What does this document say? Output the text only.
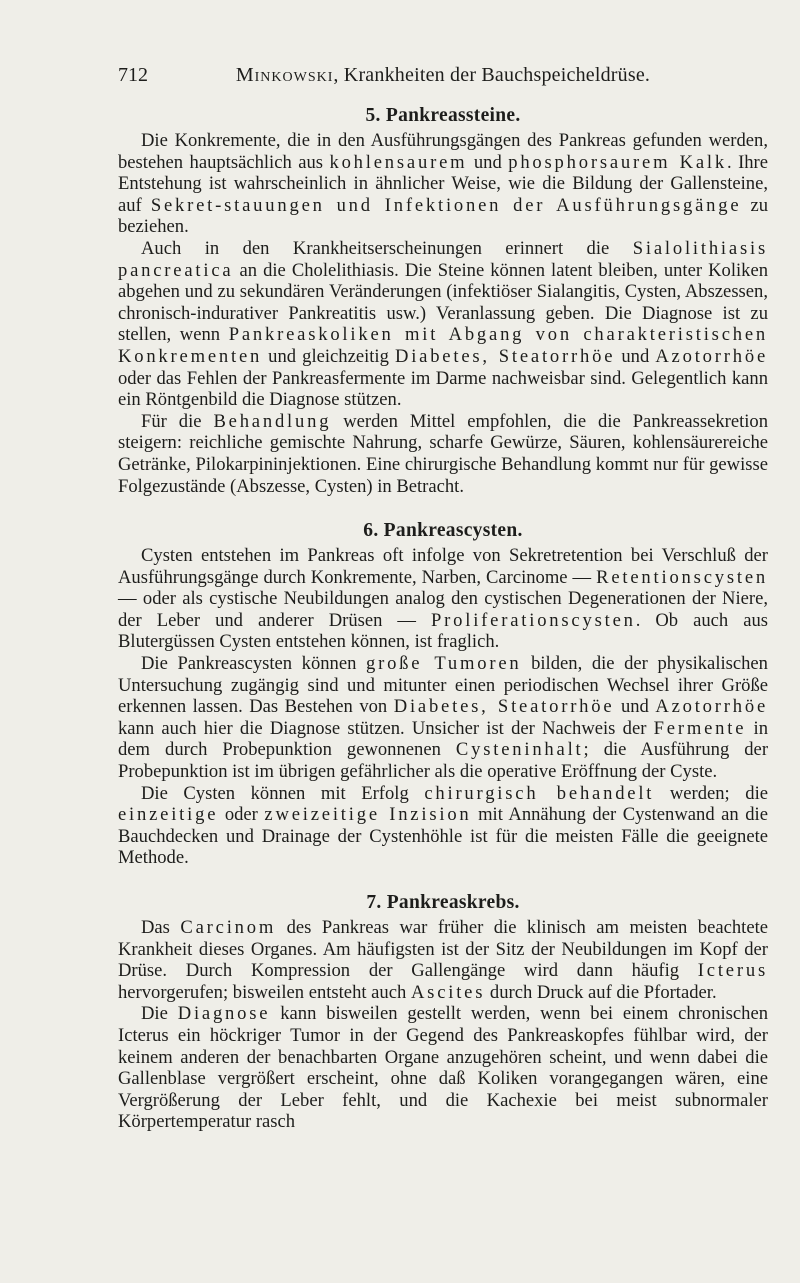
712	Minkowski, Krankheiten der Bauchspeicheldrüse.
5. Pankreassteine.

Die Konkremente, die in den Ausführungsgängen des Pankreas gefunden werden, bestehen hauptsächlich aus kohlensaurem und phosphorsaurem Kalk. Ihre Entstehung ist wahrscheinlich in ähnlicher Weise, wie die Bildung der Gallensteine, auf Sekret-stauungen und Infektionen der Ausführungsgänge zu beziehen.

Auch in den Krankheitserscheinungen erinnert die Sialolithiasis pancreatica an die Cholelithiasis. Die Steine können latent bleiben, unter Koliken abgehen und zu sekundären Veränderungen (infektiöser Sialangitis, Cysten, Abszessen, chronisch-indurativer Pankreatitis usw.) Veranlassung geben. Die Diagnose ist zu stellen, wenn Pankreaskoliken mit Abgang von charakteristischen Konkrementen und gleichzeitig Diabetes, Steatorrhöe und Azotorrhöe oder das Fehlen der Pankreasfermente im Darme nachweisbar sind. Gelegentlich kann ein Röntgenbild die Diagnose stützen.

Für die Behandlung werden Mittel empfohlen, die die Pankreassekretion steigern: reichliche gemischte Nahrung, scharfe Gewürze, Säuren, kohlensäurereiche Getränke, Pilokarpininjektionen. Eine chirurgische Behandlung kommt nur für gewisse Folgezustände (Abszesse, Cysten) in Betracht.

6. Pankreascysten.

Cysten entstehen im Pankreas oft infolge von Sekretretention bei Verschluß der Ausführungsgänge durch Konkremente, Narben, Carcinome — Retentionscysten — oder als cystische Neubildungen analog den cystischen Degenerationen der Niere, der Leber und anderer Drüsen — Proliferationscysten. Ob auch aus Blutergüssen Cysten entstehen können, ist fraglich.

Die Pankreascysten können große Tumoren bilden, die der physikalischen Untersuchung zugängig sind und mitunter einen periodischen Wechsel ihrer Größe erkennen lassen. Das Bestehen von Diabetes, Steatorrhöe und Azotorrhöe kann auch hier die Diagnose stützen. Unsicher ist der Nachweis der Fermente in dem durch Probepunktion gewonnenen Cysteninhalt; die Ausführung der Probepunktion ist im übrigen gefährlicher als die operative Eröffnung der Cyste.

Die Cysten können mit Erfolg chirurgisch behandelt werden; die einzeitige oder zweizeitige Inzision mit Annähung der Cystenwand an die Bauchdecken und Drainage der Cystenhöhle ist für die meisten Fälle die geeignete Methode.

7. Pankreaskrebs.

Das Carcinom des Pankreas war früher die klinisch am meisten beachtete Krankheit dieses Organes. Am häufigsten ist der Sitz der Neubildungen im Kopf der Drüse. Durch Kompression der Gallengänge wird dann häufig Icterus hervorgerufen; bisweilen entsteht auch Ascites durch Druck auf die Pfortader.

Die Diagnose kann bisweilen gestellt werden, wenn bei einem chronischen Icterus ein höckriger Tumor in der Gegend des Pankreaskopfes fühlbar wird, der keinem anderen der benachbarten Organe anzugehören scheint, und wenn dabei die Gallenblase vergrößert erscheint, ohne daß Koliken vorangegangen wären, eine Vergrößerung der Leber fehlt, und die Kachexie bei meist subnormaler Körpertemperatur rasch
